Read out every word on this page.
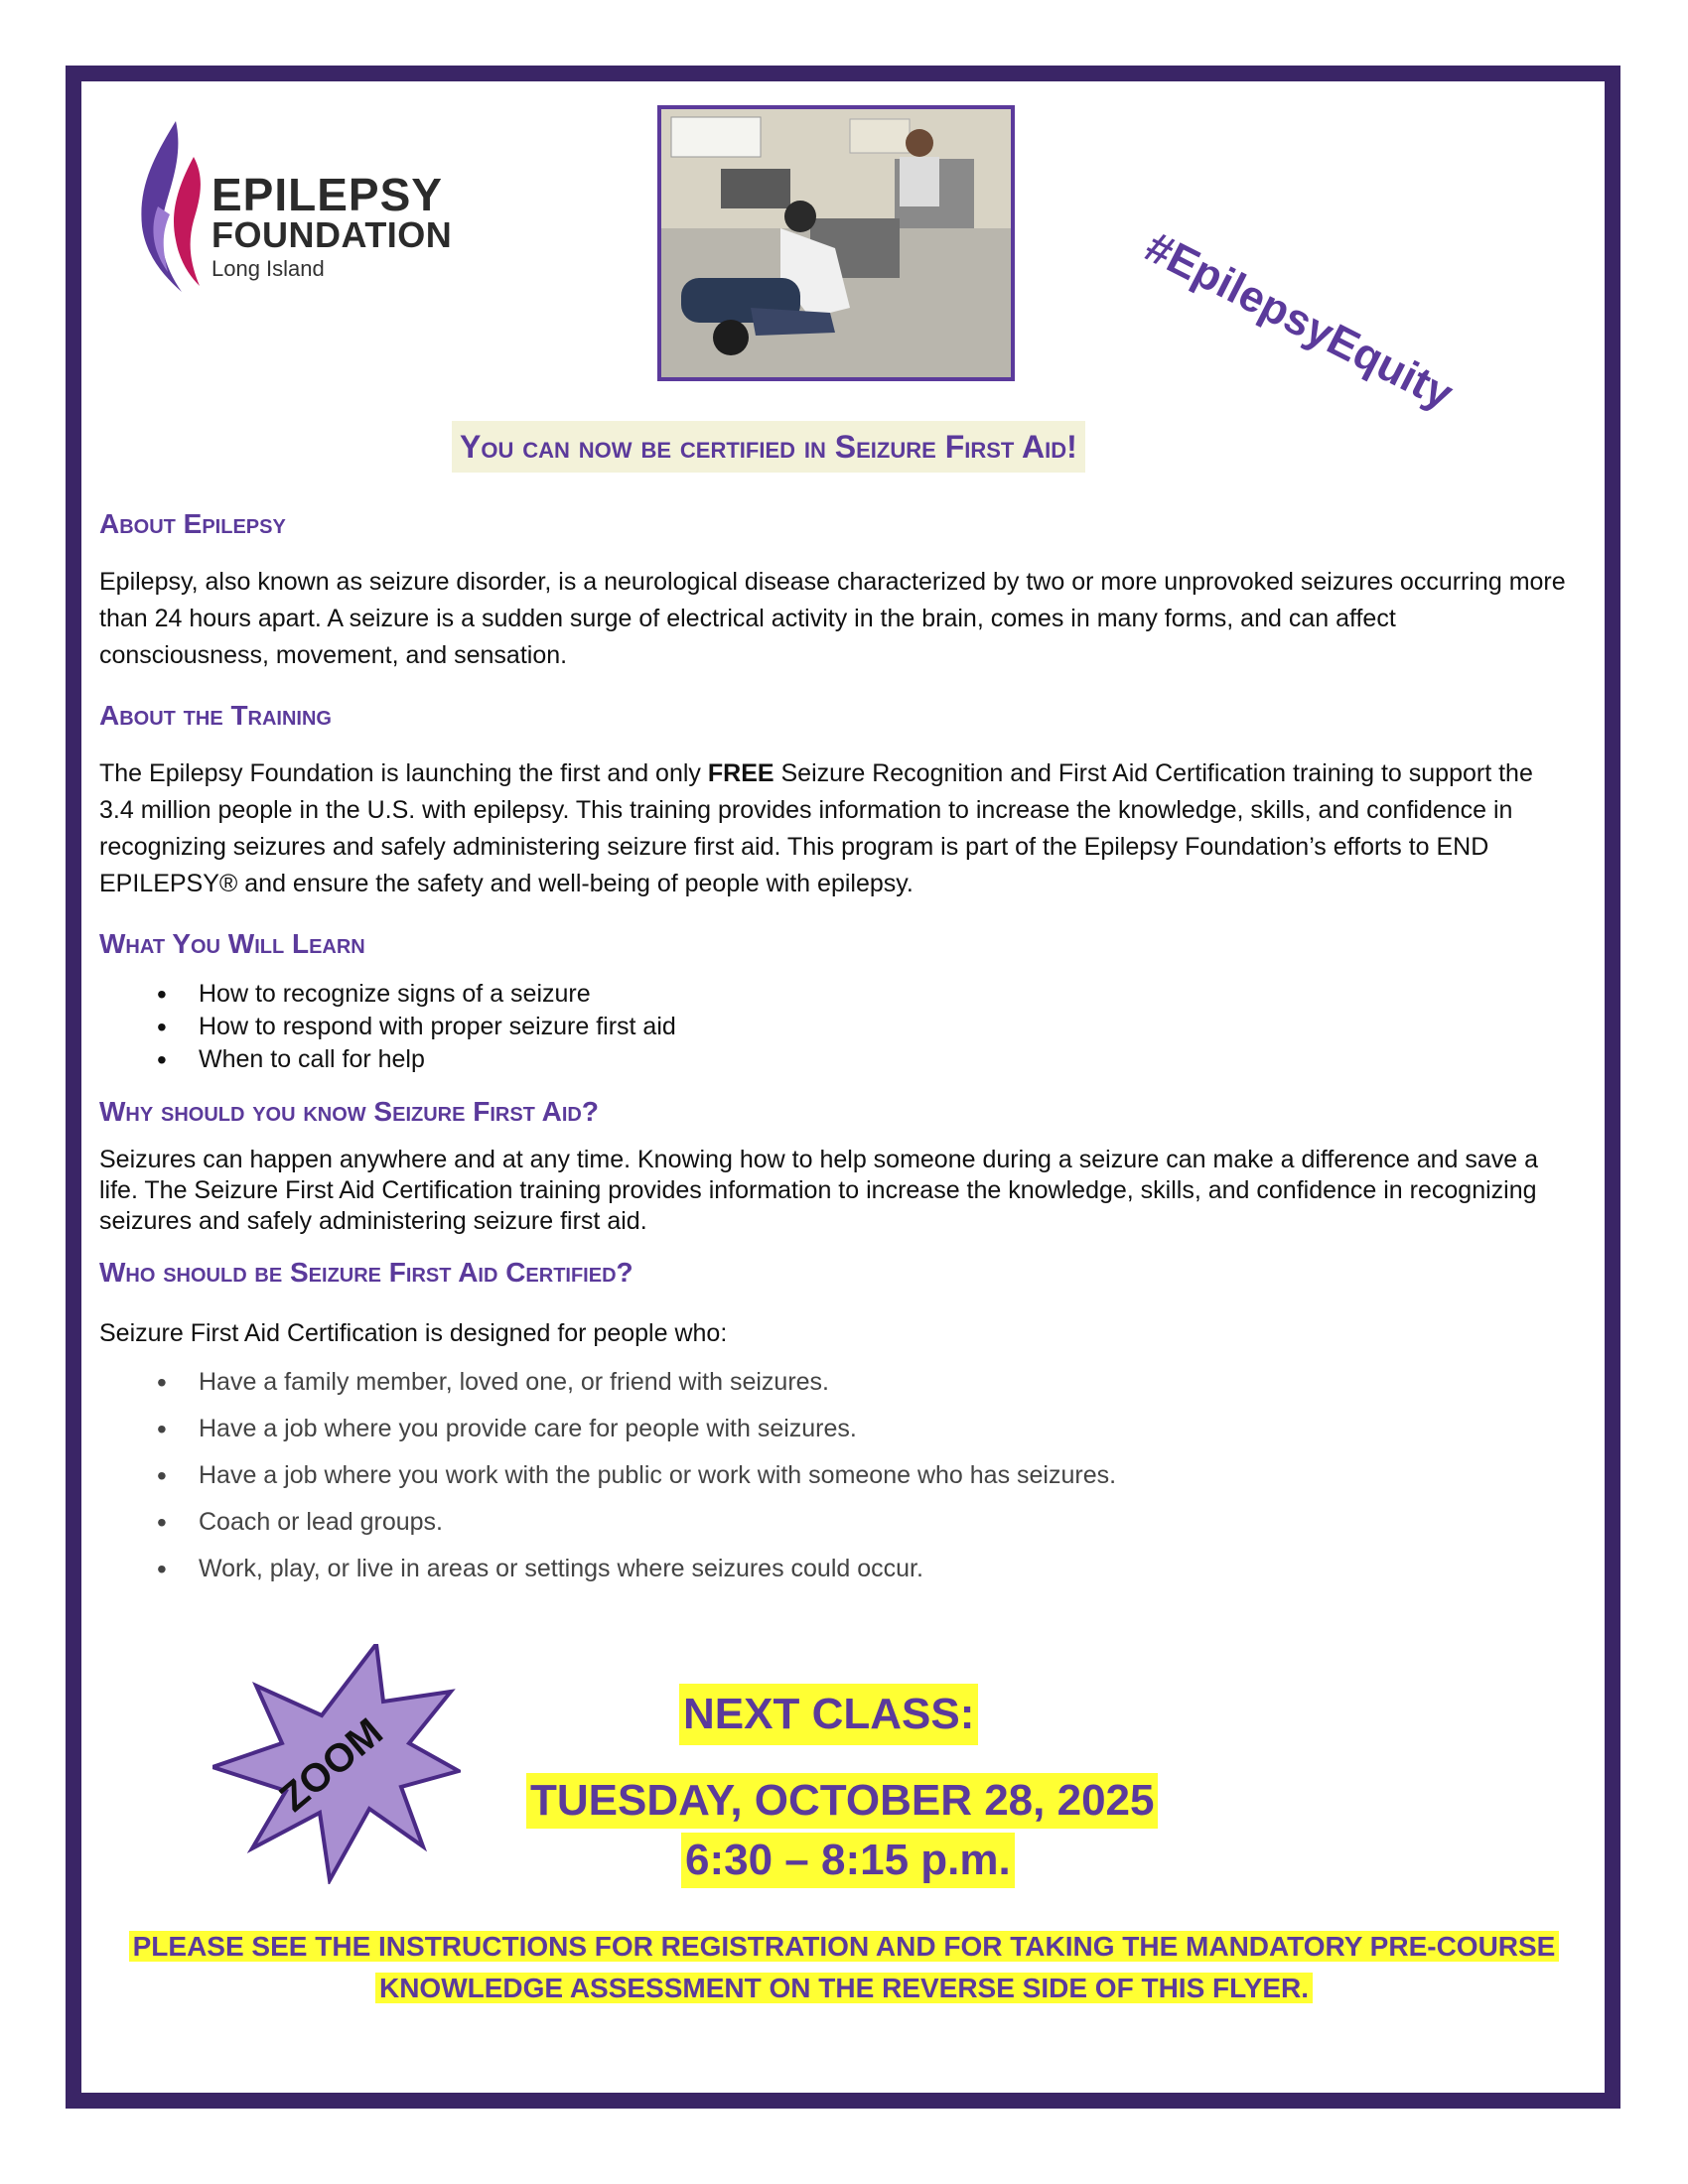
EPILEPSY
FOUNDATION
Long Island	#EpilepsyEquity
You can now be certified in Seizure First Aid!
About Epilepsy
Epilepsy, also known as seizure disorder, is a neurological disease characterized by two or more unprovoked seizures occurring more than 24 hours apart. A seizure is a sudden surge of electrical activity in the brain, comes in many forms, and can affect consciousness, movement, and sensation.
About the Training
The Epilepsy Foundation is launching the first and only FREE Seizure Recognition and First Aid Certification training to support the 3.4 million people in the U.S. with epilepsy. This training provides information to increase the knowledge, skills, and confidence in recognizing seizures and safely administering seizure first aid. This program is part of the Epilepsy Foundation’s efforts to END EPILEPSY® and ensure the safety and well-being of people with epilepsy.
What You Will Learn
• How to recognize signs of a seizure
• How to respond with proper seizure first aid
• When to call for help
Why should you know Seizure First Aid?
Seizures can happen anywhere and at any time. Knowing how to help someone during a seizure can make a difference and save a life. The Seizure First Aid Certification training provides information to increase the knowledge, skills, and confidence in recognizing seizures and safely administering seizure first aid.
Who should be Seizure First Aid Certified?
Seizure First Aid Certification is designed for people who:
• Have a family member, loved one, or friend with seizures.
• Have a job where you provide care for people with seizures.
• Have a job where you work with the public or work with someone who has seizures.
• Coach or lead groups.
• Work, play, or live in areas or settings where seizures could occur.
ZOOM	NEXT CLASS:
TUESDAY, OCTOBER 28, 2025
6:30 – 8:15 p.m.
PLEASE SEE THE INSTRUCTIONS FOR REGISTRATION AND FOR TAKING THE MANDATORY PRE-COURSE
KNOWLEDGE ASSESSMENT ON THE REVERSE SIDE OF THIS FLYER.
